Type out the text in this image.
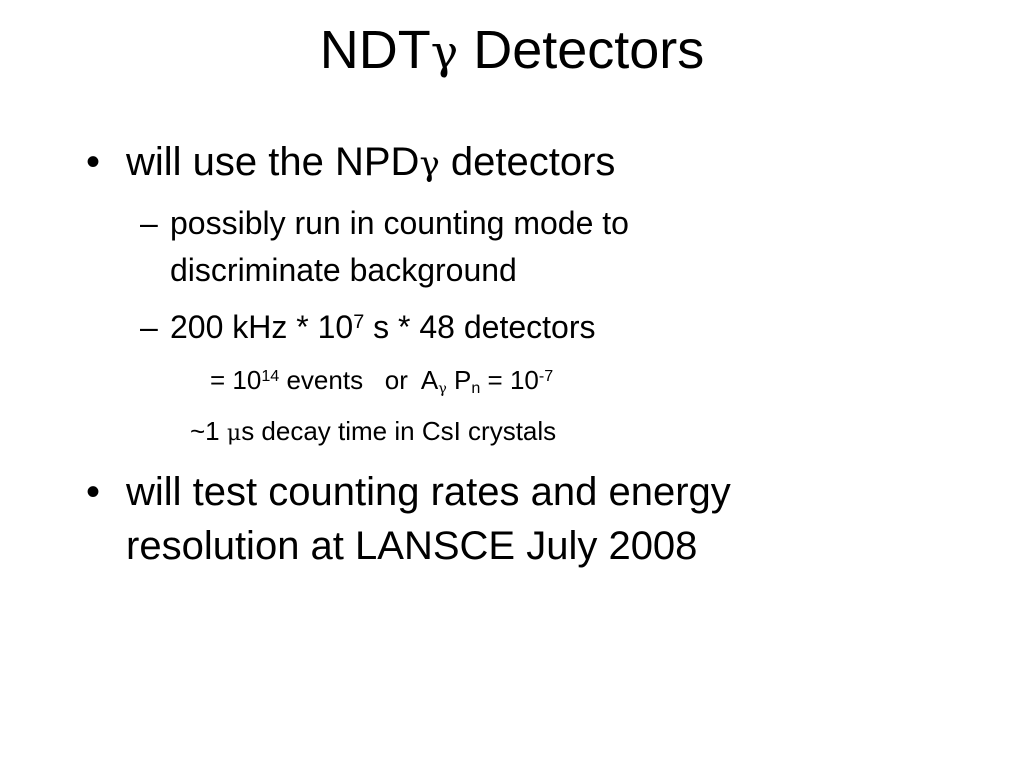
NDTγ Detectors
• will use the NPDγ detectors
– possibly run in counting mode to
discriminate background
– 200 kHz * $10^7$ s * 48 detectors
= $10^{14}$ events   or  Aγ $P_n = 10^{-7}$
~1 μs decay time in CsI crystals
• will test counting rates and energy
resolution at LANSCE July 2008
